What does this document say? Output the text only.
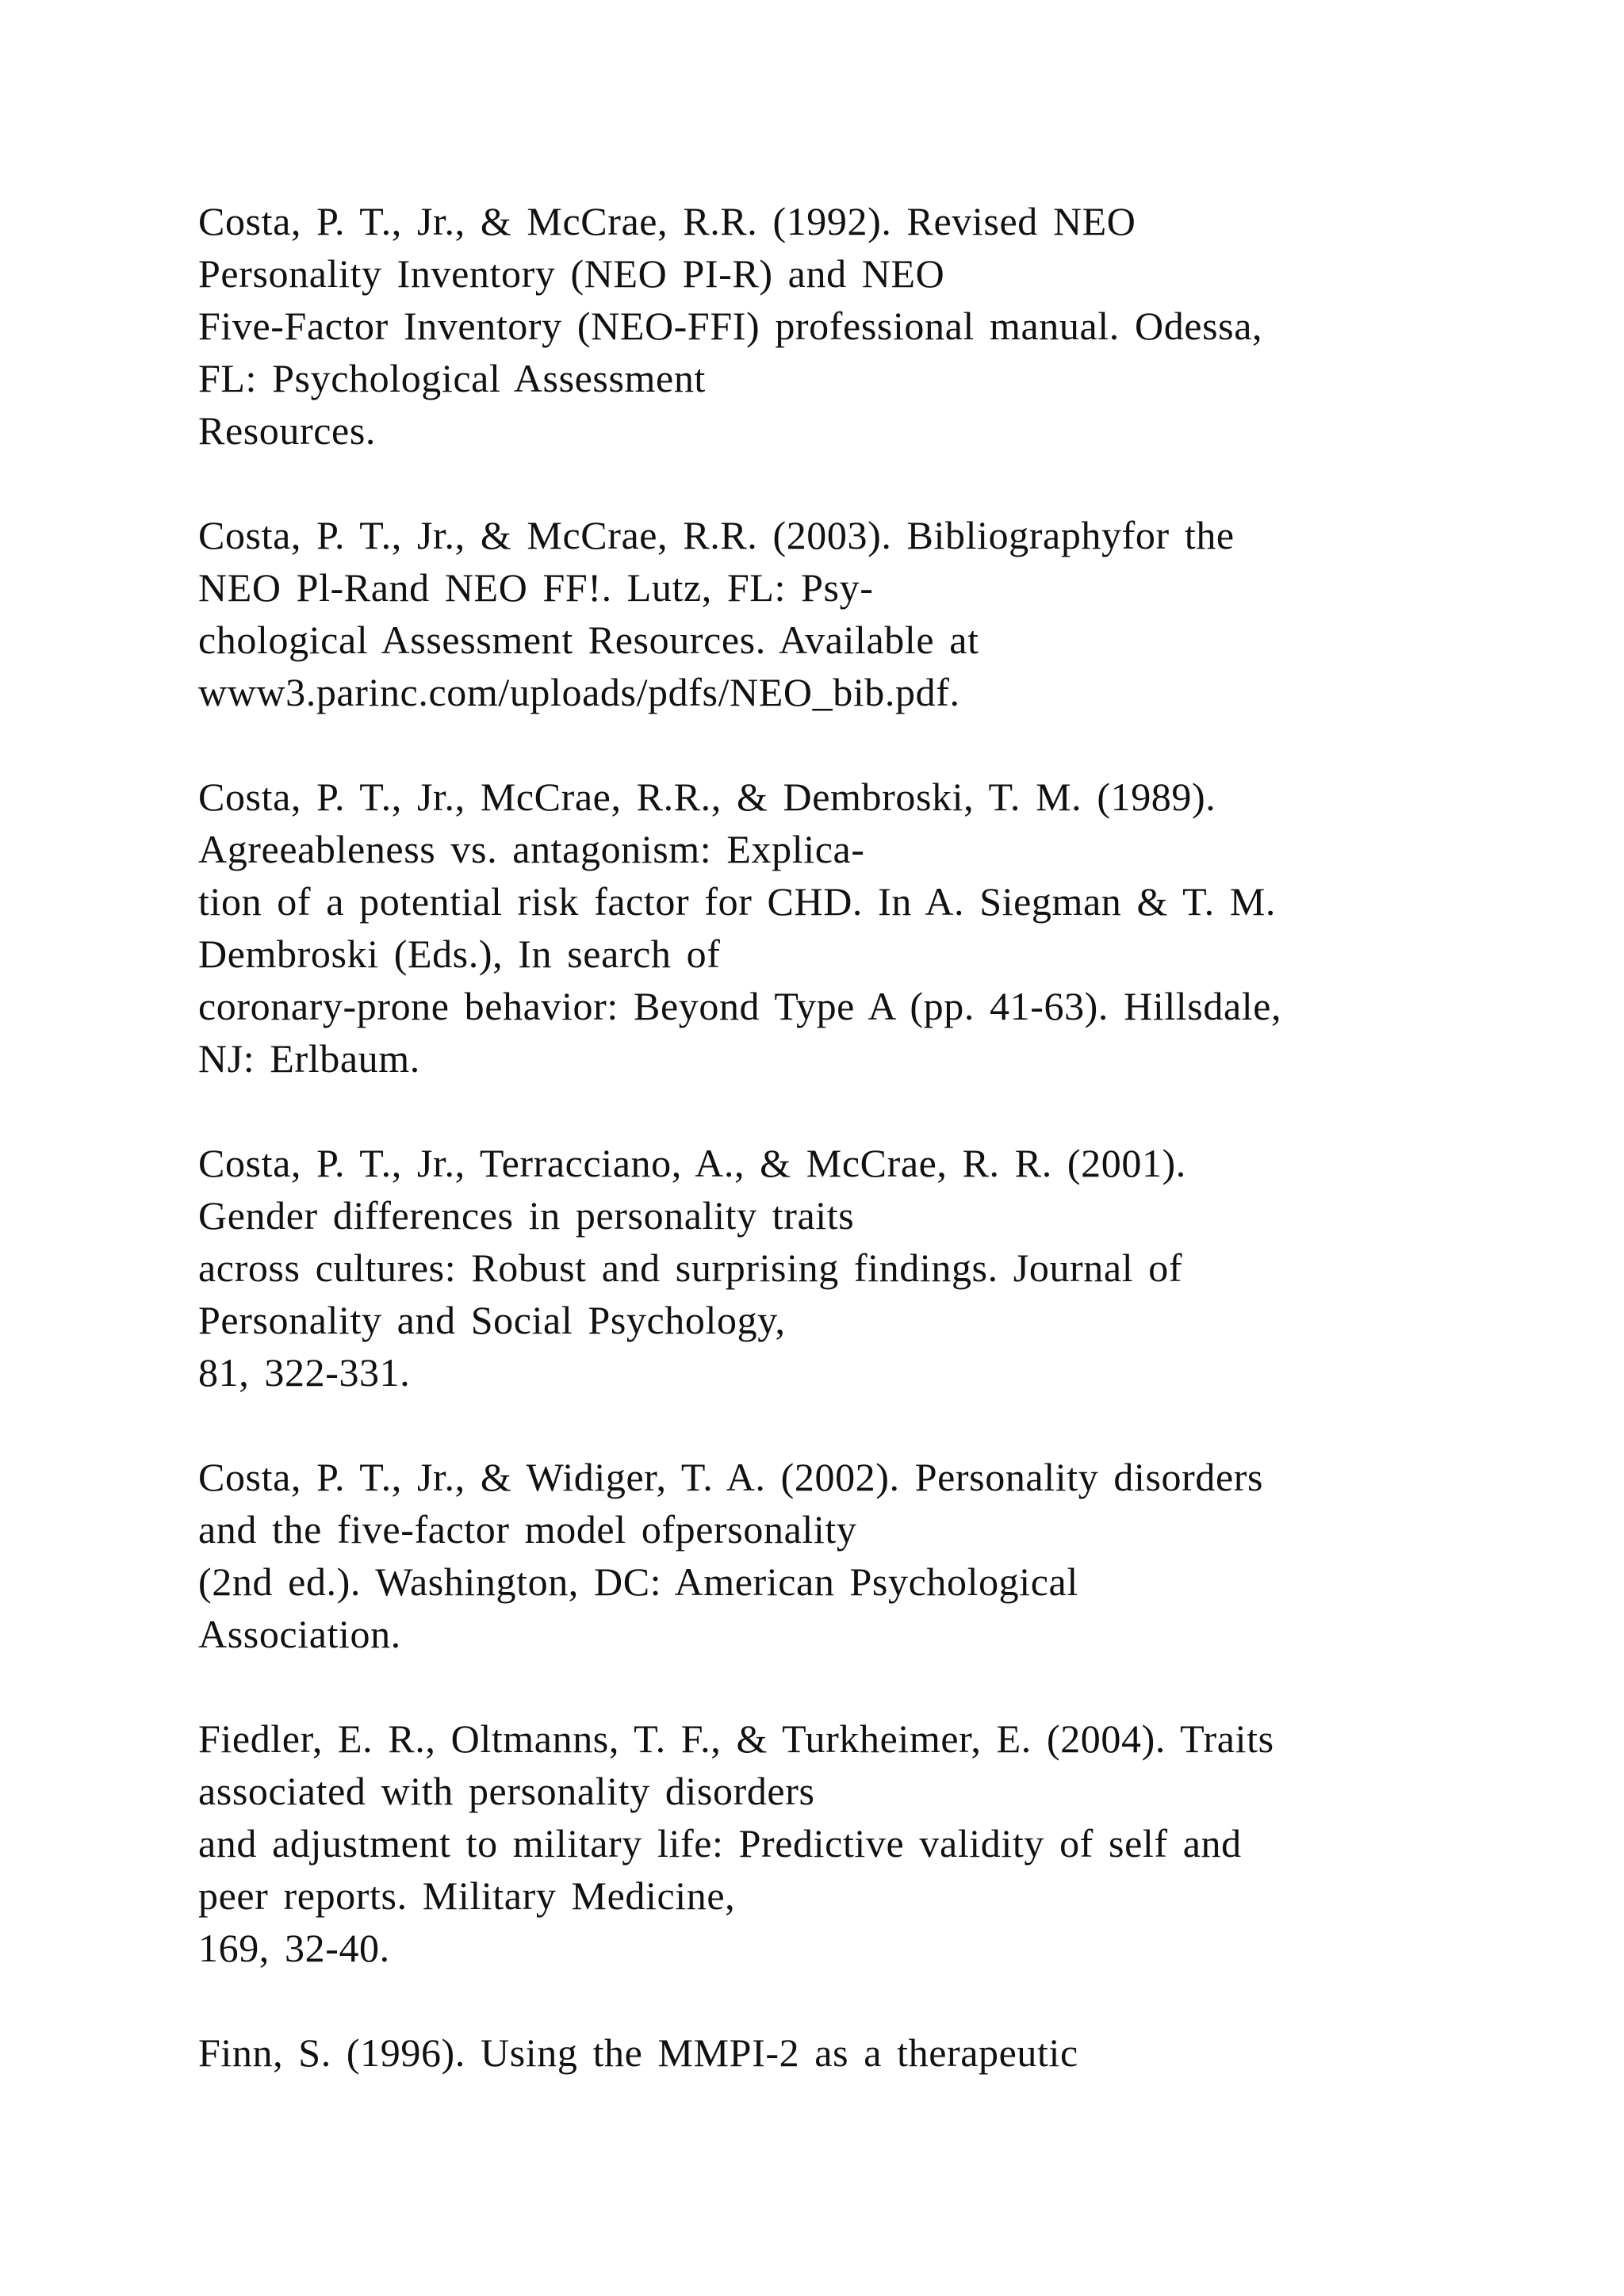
Costa, P. T., Jr., & McCrae, R.R. (1992). Revised NEO
Personality Inventory (NEO PI-R) and NEO
Five-Factor Inventory (NEO-FFI) professional manual. Odessa,
FL: Psychological Assessment
Resources.
Costa, P. T., Jr., & McCrae, R.R. (2003). Bibliographyfor the
NEO Pl-Rand NEO FF!. Lutz, FL: Psy-
chological Assessment Resources. Available at
www3.parinc.com/uploads/pdfs/NEO_bib.pdf.
Costa, P. T., Jr., McCrae, R.R., & Dembroski, T. M. (1989).
Agreeableness vs. antagonism: Explica-
tion of a potential risk factor for CHD. In A. Siegman & T. M.
Dembroski (Eds.), In search of
coronary-prone behavior: Beyond Type A (pp. 41-63). Hillsdale,
NJ: Erlbaum.
Costa, P. T., Jr., Terracciano, A., & McCrae, R. R. (2001).
Gender differences in personality traits
across cultures: Robust and surprising findings. Journal of
Personality and Social Psychology,
81, 322-331.
Costa, P. T., Jr., & Widiger, T. A. (2002). Personality disorders
and the five-factor model ofpersonality
(2nd ed.). Washington, DC: American Psychological
Association.
Fiedler, E. R., Oltmanns, T. F., & Turkheimer, E. (2004). Traits
associated with personality disorders
and adjustment to military life: Predictive validity of self and
peer reports. Military Medicine,
169, 32-40.
Finn, S. (1996). Using the MMPI-2 as a therapeutic
